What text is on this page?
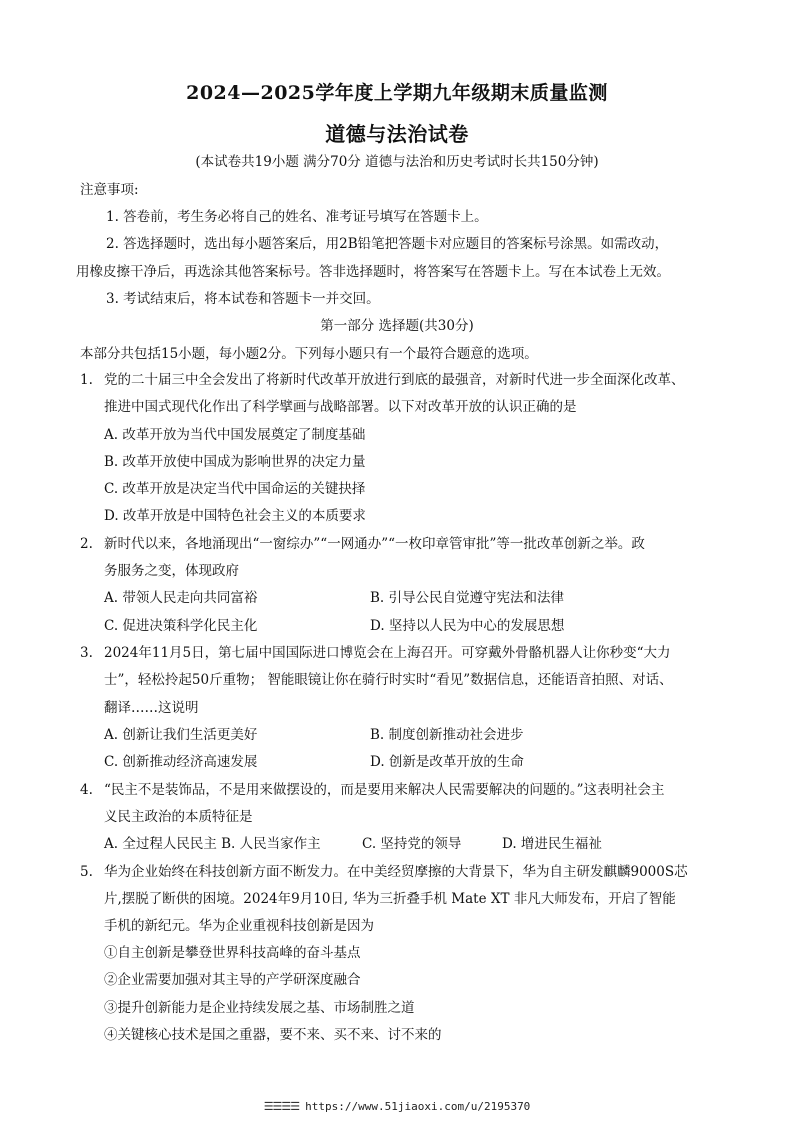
2024—2025学年度上学期九年级期末质量监测
道德与法治试卷
(本试卷共19小题 满分70分 道德与法治和历史考试时长共150分钟)
注意事项:
1. 答卷前，考生务必将自己的姓名、准考证号填写在答题卡上。
2. 答选择题时，选出每小题答案后，用2B铅笔把答题卡对应题目的答案标号涂黑。如需改动，
用橡皮擦干净后，再选涂其他答案标号。答非选择题时，将答案写在答题卡上。写在本试卷上无效。
3. 考试结束后，将本试卷和答题卡一并交回。
第一部分 选择题(共30分)
本部分共包括15小题，每小题2分。下列每小题只有一个最符合题意的选项。
1. 党的二十届三中全会发出了将新时代改革开放进行到底的最强音，对新时代进一步全面深化改革、
推进中国式现代化作出了科学擘画与战略部署。以下对改革开放的认识正确的是
A. 改革开放为当代中国发展奠定了制度基础
B. 改革开放使中国成为影响世界的决定力量
C. 改革开放是决定当代中国命运的关键抉择
D. 改革开放是中国特色社会主义的本质要求
2. 新时代以来，各地涌现出“一窗综办”“一网通办”“一枚印章管审批”等一批改革创新之举。政
务服务之变，体现政府
A. 带领人民走向共同富裕	B. 引导公民自觉遵守宪法和法律
C. 促进决策科学化民主化	D. 坚持以人民为中心的发展思想
3. 2024年11月5日，第七届中国国际进口博览会在上海召开。可穿戴外骨骼机器人让你秒变“大力
士”，轻松拎起50斤重物； 智能眼镜让你在骑行时实时“看见”数据信息，还能语音拍照、对话、
翻译……这说明
A. 创新让我们生活更美好	B. 制度创新推动社会进步
C. 创新推动经济高速发展	D. 创新是改革开放的生命
4. “民主不是装饰品，不是用来做摆设的，而是要用来解决人民需要解决的问题的。”这表明社会主
义民主政治的本质特征是
A. 全过程人民民主 B. 人民当家作主	C. 坚持党的领导	D. 增进民生福祉
5. 华为企业始终在科技创新方面不断发力。在中美经贸摩擦的大背景下，华为自主研发麒麟9000S芯
片,摆脱了断供的困境。2024年9月10日, 华为三折叠手机 Mate XT 非凡大师发布，开启了智能
手机的新纪元。华为企业重视科技创新是因为
①自主创新是攀登世界科技高峰的奋斗基点
②企业需要加强对其主导的产学研深度融合
③提升创新能力是企业持续发展之基、市场制胜之道
④关键核心技术是国之重器，要不来、买不来、讨不来的
☰☰☰☰ https://www.51jiaoxi.com/u/2195370
